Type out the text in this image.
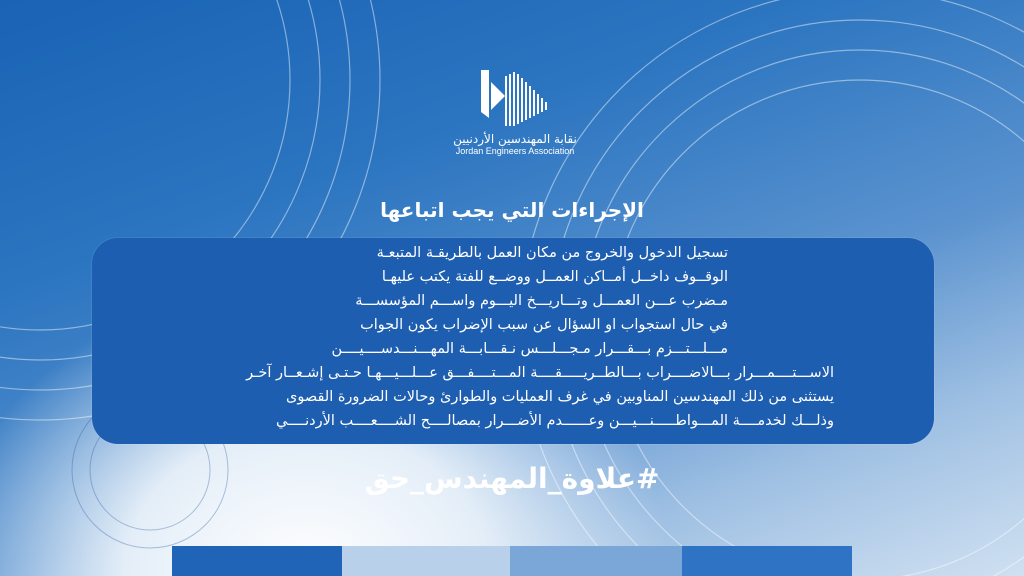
نقابة المهندسين الأردنيين
Jordan Engineers Association
الإجراءات التي يجب اتباعها
تسجيل الدخول والخروج من مكان العمل بالطريقـة المتبعـة
الوقــوف داخــل أمــاكن العمــل ووضــع للفتة يكتب عليهـا
مـضرب عـــن العمـــل وتـــاريـــخ اليـــوم واســـم المؤسســـة
في حال استجواب او السؤال عن سبب الإضراب يكون الجواب
مـــلـــتـــزم بـــقـــرار مـجـــلـــس نـقـــابـــة المهـــنـــدســــيــــن
الاســـتــــمـــرار بـــالاضــــراب بـــالطــريـــــقــــة المـــتــــفـــق عـــلـــيـــهـا حـتـى إشـعــار آخـر
يستثنى من ذلك المهندسين المناوبين في غرف العمليات والطوارئ وحالات الضرورة القصوى
وذلـــك لخدمــــة المـــواطـــــنـــيـــن وعــــــدم الأضـــرار بمصالــــح الشــــعــــب الأردنــــي
#علاوة_المهندس_حق
